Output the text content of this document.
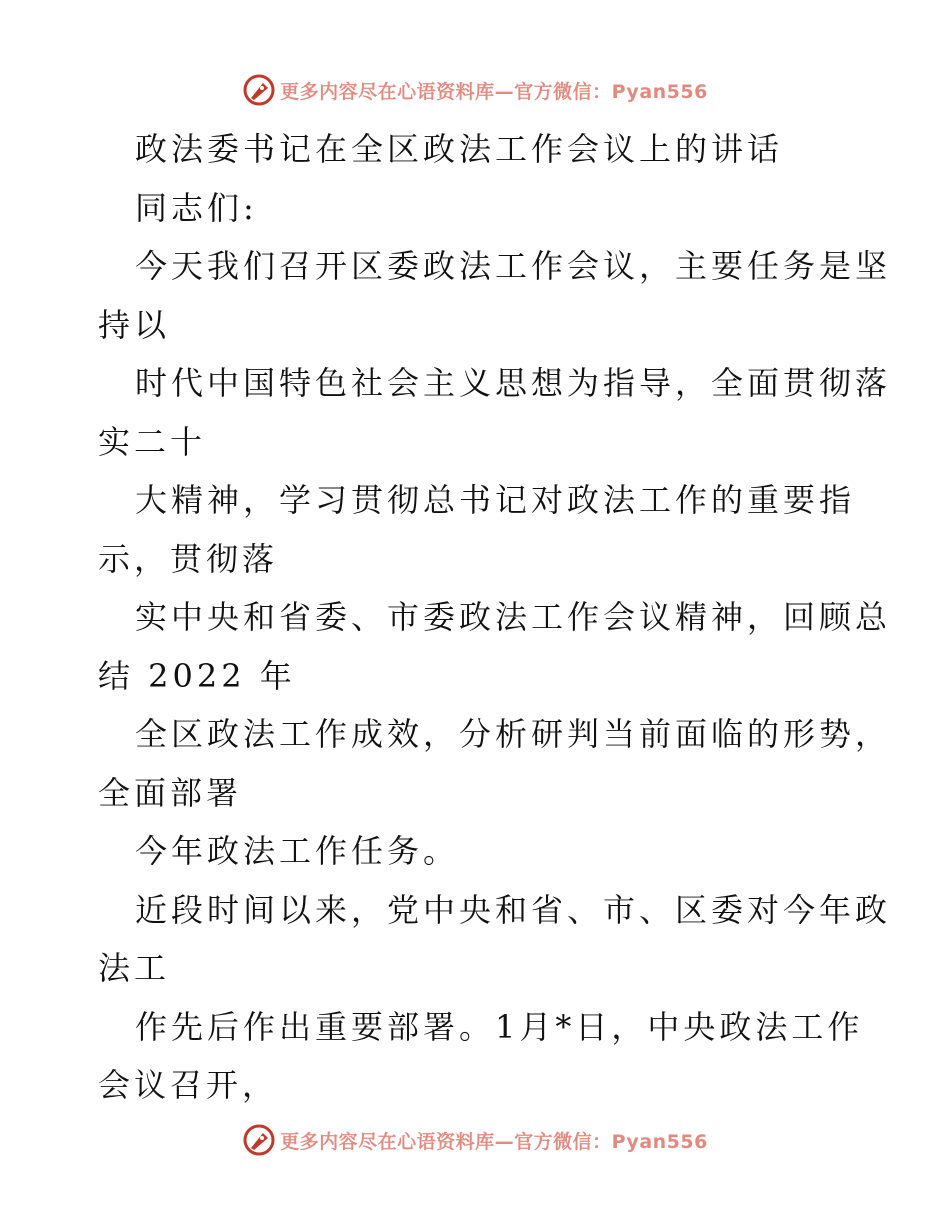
更多内容尽在心语资料库—官方微信：Pyan556
政法委书记在全区政法工作会议上的讲话
同志们:
今天我们召开区委政法工作会议，主要任务是坚
持以
时代中国特色社会主义思想为指导，全面贯彻落
实二十
大精神，学习贯彻总书记对政法工作的重要指
示，贯彻落
实中央和省委、市委政法工作会议精神，回顾总
结 2022 年
全区政法工作成效，分析研判当前面临的形势，
全面部署
今年政法工作任务。
近段时间以来，党中央和省、市、区委对今年政
法工
作先后作出重要部署。1月*日，中央政法工作
会议召开，
更多内容尽在心语资料库—官方微信：Pyan556
